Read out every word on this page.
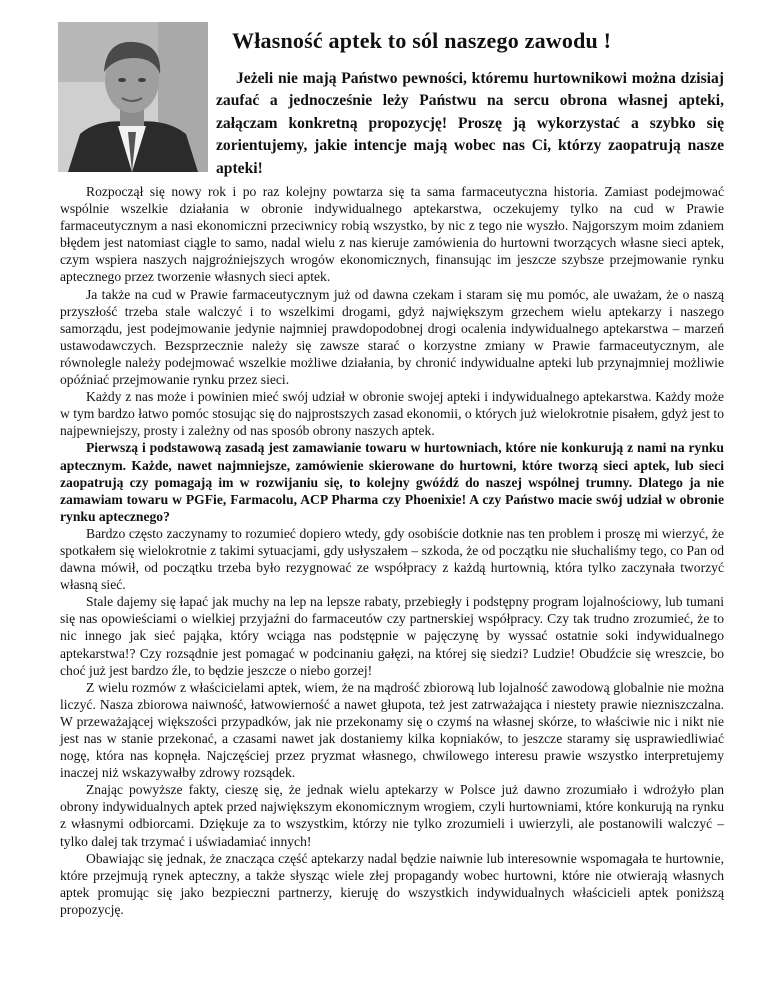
Własność aptek to sól naszego zawodu !

Jeżeli nie mają Państwo pewności, któremu hurtownikowi można dzisiaj zaufać a jednocześnie leży Państwu na sercu obrona własnej apteki, załączam konkretną propozycję! Proszę ją wykorzystać a szybko się zorientujemy, jakie intencje mają wobec nas Ci, którzy zaopatrują nasze apteki!

Rozpoczął się nowy rok i po raz kolejny powtarza się ta sama farmaceutyczna historia. Zamiast podejmować wspólnie wszelkie działania w obronie indywidualnego aptekarstwa, oczekujemy tylko na cud w Prawie farmaceutycznym a nasi ekonomiczni przeciwnicy robią wszystko, by nic z tego nie wyszło. Najgorszym moim zdaniem błędem jest natomiast ciągle to samo, nadal wielu z nas kieruje zamówienia do hurtowni tworzących własne sieci aptek, czym wspiera naszych najgroźniejszych wrogów ekonomicznych, finansując im jeszcze szybsze przejmowanie rynku aptecznego przez tworzenie własnych sieci aptek.

Ja także na cud w Prawie farmaceutycznym już od dawna czekam i staram się mu pomóc, ale uważam, że o naszą przyszłość trzeba stale walczyć i to wszelkimi drogami, gdyż największym grzechem wielu aptekarzy i naszego samorządu, jest podejmowanie jedynie najmniej prawdopodobnej drogi ocalenia indywidualnego aptekarstwa – marzeń ustawodawczych. Bezsprzecznie należy się zawsze starać o korzystne zmiany w Prawie farmaceutycznym, ale równolegle należy podejmować wszelkie możliwe działania, by chronić indywidualne apteki lub przynajmniej możliwie opóźniać przejmowanie rynku przez sieci.

Każdy z nas może i powinien mieć swój udział w obronie swojej apteki i indywidualnego aptekarstwa. Każdy może w tym bardzo łatwo pomóc stosując się do najprostszych zasad ekonomii, o których już wielokrotnie pisałem, gdyż jest to najpewniejszy, prosty i zależny od nas sposób obrony naszych aptek.

Pierwszą i podstawową zasadą jest zamawianie towaru w hurtowniach, które nie konkurują z nami na rynku aptecznym. Każde, nawet najmniejsze, zamówienie skierowane do hurtowni, które tworzą sieci aptek, lub sieci zaopatrują czy pomagają im w rozwijaniu się, to kolejny gwóźdź do naszej wspólnej trumny. Dlatego ja nie zamawiam towaru w PGFie, Farmacolu, ACP Pharma czy Phoenixie! A czy Państwo macie swój udział w obronie rynku aptecznego?

Bardzo często zaczynamy to rozumieć dopiero wtedy, gdy osobiście dotknie nas ten problem i proszę mi wierzyć, że spotkałem się wielokrotnie z takimi sytuacjami, gdy usłyszałem – szkoda, że od początku nie słuchaliśmy tego, co Pan od dawna mówił, od początku trzeba było rezygnować ze współpracy z każdą hurtownią, która tylko zaczynała tworzyć własną sieć.

Stale dajemy się łapać jak muchy na lep na lepsze rabaty, przebiegły i podstępny program lojalnościowy, lub tumani się nas opowieściami o wielkiej przyjaźni do farmaceutów czy partnerskiej współpracy. Czy tak trudno zrozumieć, że to nic innego jak sieć pająka, który wciąga nas podstępnie w pajęczynę by wyssać ostatnie soki indywidualnego aptekarstwa!? Czy rozsądnie jest pomagać w podcinaniu gałęzi, na której się siedzi? Ludzie! Obudźcie się wreszcie, bo choć już jest bardzo źle, to będzie jeszcze o niebo gorzej!

Z wielu rozmów z właścicielami aptek, wiem, że na mądrość zbiorową lub lojalność zawodową globalnie nie można liczyć. Nasza zbiorowa naiwność, łatwowierność a nawet głupota, też jest zatrważająca i niestety prawie niezniszczalna. W przeważającej większości przypadków, jak nie przekonamy się o czymś na własnej skórze, to właściwie nic i nikt nie jest nas w stanie przekonać, a czasami nawet jak dostaniemy kilka kopniaków, to jeszcze staramy się usprawiedliwiać nogę, która nas kopnęła. Najczęściej przez pryzmat własnego, chwilowego interesu prawie wszystko interpretujemy inaczej niż wskazywałby zdrowy rozsądek.

Znając powyższe fakty, cieszę się, że jednak wielu aptekarzy w Polsce już dawno zrozumiało i wdrożyło plan obrony indywidualnych aptek przed największym ekonomicznym wrogiem, czyli hurtowniami, które konkurują na rynku z własnymi odbiorcami. Dziękuje za to wszystkim, którzy nie tylko zrozumieli i uwierzyli, ale postanowili walczyć – tylko dalej tak trzymać i uświadamiać innych!

Obawiając się jednak, że znacząca część aptekarzy nadal będzie naiwnie lub interesownie wspomagała te hurtownie, które przejmują rynek apteczny, a także słysząc wiele złej propagandy wobec hurtowni, które nie otwierają własnych aptek promując się jako bezpieczni partnerzy, kieruję do wszystkich indywidualnych właścicieli aptek poniższą propozycję.
